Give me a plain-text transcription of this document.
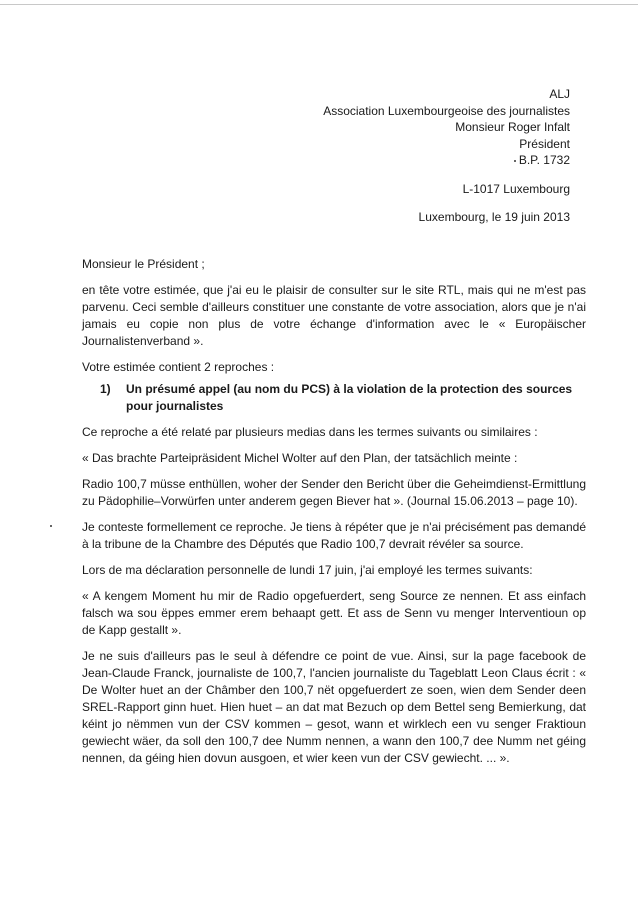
ALJ
Association Luxembourgeoise des journalistes
Monsieur Roger Infalt
Président
B.P. 1732
L-1017 Luxembourg
Luxembourg, le 19 juin 2013

Monsieur le Président ;

en tête votre estimée, que j'ai eu le plaisir de consulter sur le site RTL, mais qui ne m'est pas parvenu. Ceci semble d'ailleurs constituer une constante de votre association, alors que je n'ai jamais eu copie non plus de votre échange d'information avec le « Europäischer Journalistenverband ».

Votre estimée contient 2 reproches :

1)	Un présumé appel (au nom du PCS) à la violation de la protection des sources pour journalistes

Ce reproche a été relaté par plusieurs medias dans les termes suivants ou similaires :

« Das brachte Parteipräsident Michel Wolter auf den Plan, der tatsächlich meinte :

Radio 100,7 müsse enthüllen, woher der Sender den Bericht über die Geheimdienst-Ermittlung zu Pädophilie–Vorwürfen unter anderem gegen Biever hat ». (Journal 15.06.2013 – page 10).

Je conteste formellement ce reproche. Je tiens à répéter que je n'ai précisément pas demandé à la tribune de la Chambre des Députés que Radio 100,7 devrait révéler sa source.

Lors de ma déclaration personnelle de lundi 17 juin, j'ai employé les termes suivants:

« A kengem Moment hu mir de Radio opgefuerdert, seng Source ze nennen. Et ass einfach falsch wa sou ëppes emmer erem behaapt gett. Et ass de Senn vu menger Interventioun op de Kapp gestallt ».

Je ne suis d'ailleurs pas le seul à défendre ce point de vue. Ainsi, sur la page facebook de Jean-Claude Franck, journaliste de 100,7, l'ancien journaliste du Tageblatt Leon Claus écrit : « De Wolter huet an der Châmber den 100,7 nët opgefuerdert ze soen, wien dem Sender deen SREL-Rapport ginn huet. Hien huet – an dat mat Bezuch op dem Bettel seng Bemierkung, dat kéint jo nëmmen vun der CSV kommen – gesot, wann et wirklech een vu senger Fraktioun gewiecht wäer, da soll den 100,7 dee Numm nennen, a wann den 100,7 dee Numm net géing nennen, da géing hien dovun ausgoen, et wier keen vun der CSV gewiecht. ... ».
